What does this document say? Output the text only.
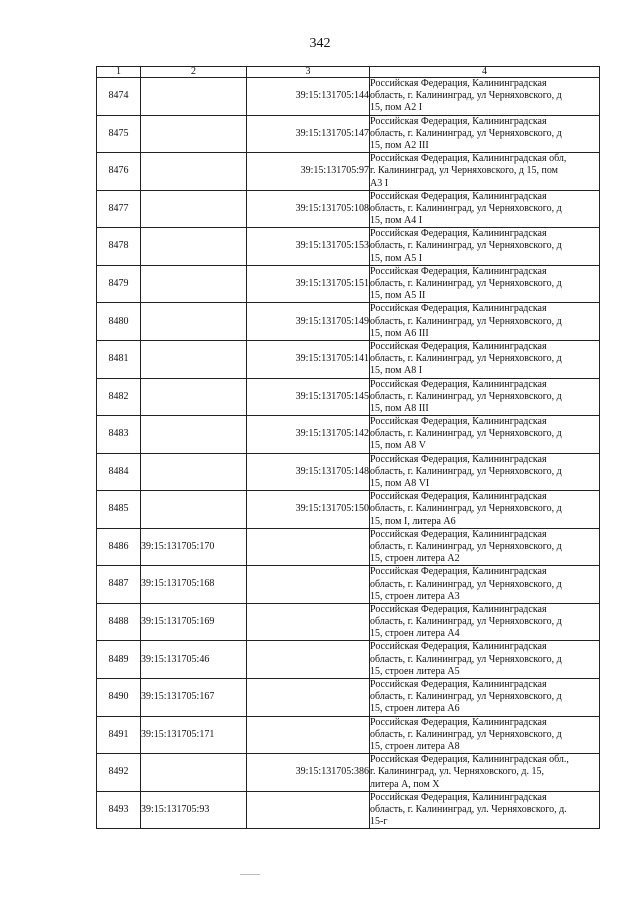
342
1	2	3	4
8474		39:15:131705:144	Российская Федерация, Калининградская
область, г. Калининград, ул Черняховского, д
15, пом А2 I

8475		39:15:131705:147	Российская Федерация, Калининградская
область, г. Калининград, ул Черняховского, д
15, пом А2 III

8476		39:15:131705:97	Российская Федерация, Калининградская обл,
г. Калининград, ул Черняховского, д 15, пом
А3 I

8477		39:15:131705:108	Российская Федерация, Калининградская
область, г. Калининград, ул Черняховского, д
15, пом А4 I

8478		39:15:131705:153	Российская Федерация, Калининградская
область, г. Калининград, ул Черняховского, д
15, пом А5 I

8479		39:15:131705:151	Российская Федерация, Калининградская
область, г. Калининград, ул Черняховского, д
15, пом А5 II

8480		39:15:131705:149	Российская Федерация, Калининградская
область, г. Калининград, ул Черняховского, д
15, пом А6 III

8481		39:15:131705:141	Российская Федерация, Калининградская
область, г. Калининград, ул Черняховского, д
15, пом А8 I

8482		39:15:131705:145	Российская Федерация, Калининградская
область, г. Калининград, ул Черняховского, д
15, пом А8 III

8483		39:15:131705:142	Российская Федерация, Калининградская
область, г. Калининград, ул Черняховского, д
15, пом А8 V

8484		39:15:131705:148	Российская Федерация, Калининградская
область, г. Калининград, ул Черняховского, д
15, пом А8 VI

8485		39:15:131705:150	Российская Федерация, Калининградская
область, г. Калининград, ул Черняховского, д
15, пом I, литера А6

8486	39:15:131705:170		Российская Федерация, Калининградская
область, г. Калининград, ул Черняховского, д
15, строен литера А2

8487	39:15:131705:168		Российская Федерация, Калининградская
область, г. Калининград, ул Черняховского, д
15, строен литера А3

8488	39:15:131705:169		Российская Федерация, Калининградская
область, г. Калининград, ул Черняховского, д
15, строен литера А4

8489	39:15:131705:46		Российская Федерация, Калининградская
область, г. Калининград, ул Черняховского, д
15, строен литера А5

8490	39:15:131705:167		Российская Федерация, Калининградская
область, г. Калининград, ул Черняховского, д
15, строен литера А6

8491	39:15:131705:171		Российская Федерация, Калининградская
область, г. Калининград, ул Черняховского, д
15, строен литера А8

8492		39:15:131705:386	Российская Федерация, Калининградская обл.,
г. Калининград, ул. Черняховского, д. 15,
литера А, пом Х

8493	39:15:131705:93		Российская Федерация, Калининградская
область, г. Калининград, ул. Черняховского, д.
15-г
